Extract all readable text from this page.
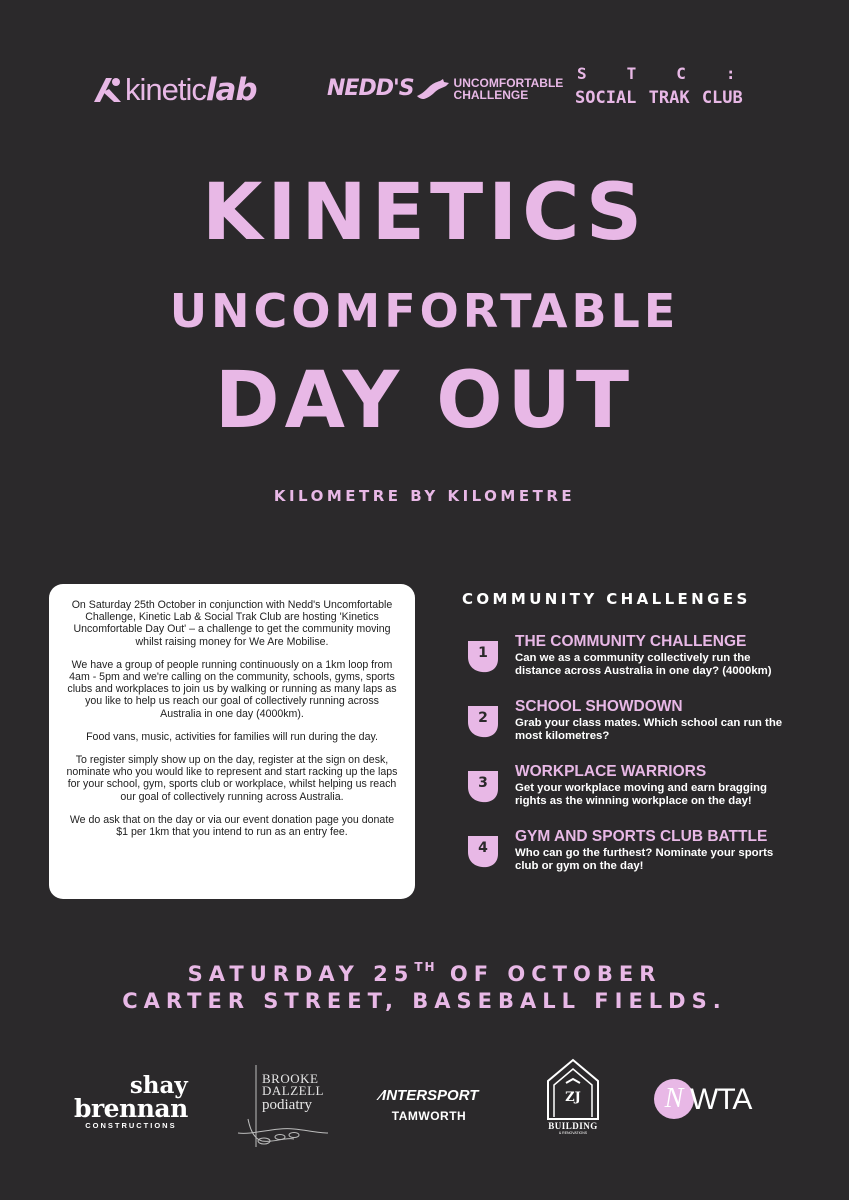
kinetic lab	NEDD'S	UNCOMFORTABLE
CHALLENGE
STC:
SOCIAL TRAK CLUB
KINETICS
UNCOMFORTABLE
DAY OUT
KILOMETRE BY KILOMETRE

On Saturday 25th October in conjunction with Nedd's Uncomfortable Challenge, Kinetic Lab & Social Trak Club are hosting 'Kinetics Uncomfortable Day Out' – a challenge to get the community moving whilst raising money for We Are Mobilise.

We have a group of people running continuously on a 1km loop from 4am - 5pm and we're calling on the community, schools, gyms, sports clubs and workplaces to join us by walking or running as many laps as you like to help us reach our goal of collectively running across Australia in one day (4000km).

Food vans, music, activities for families will run during the day.

To register simply show up on the day, register at the sign on desk, nominate who you would like to represent and start racking up the laps for your school, gym, sports club or workplace, whilst helping us reach our goal of collectively running across Australia.

We do ask that on the day or via our event donation page you donate $1 per 1km that you intend to run as an entry fee.

COMMUNITY CHALLENGES
1
THE COMMUNITY CHALLENGE
Can we as a community collectively run the distance across Australia in one day? (4000km)
2
SCHOOL SHOWDOWN
Grab your class mates. Which school can run the most kilometres?
3
WORKPLACE WARRIORS
Get your workplace moving and earn bragging rights as the winning workplace on the day!
4
GYM AND SPORTS CLUB BATTLE
Who can go the furthest? Nominate your sports club or gym on the day!
SATURDAY 25TH OF OCTOBER
CARTER STREET, BASEBALL FIELDS.
shay
brennan
CONSTRUCTIONS
BROOKE
DALZELL
podiatry
⁄INTERSPORT
TAMWORTH
ZJ
BUILDING
& RENOVATIONS
N WTA
